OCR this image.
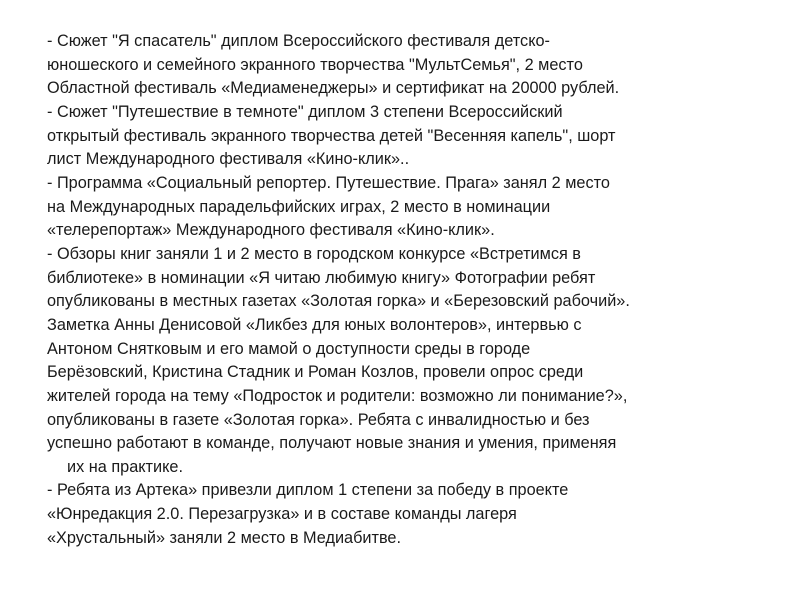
- Сюжет "Я спасатель" диплом Всероссийского фестиваля детско-
юношеского и семейного экранного творчества "МультСемья", 2 место
Областной фестиваль «Медиаменеджеры» и сертификат на 20000 рублей.
- Сюжет "Путешествие в темноте" диплом 3 степени Всероссийский
открытый фестиваль экранного творчества детей "Весенняя капель", шорт
лист Международного фестиваля «Кино-клик»..
- Программа «Социальный репортер. Путешествие. Прага» занял 2 место
на Международных парадельфийских играх, 2 место в номинации
«телерепортаж» Международного фестиваля «Кино-клик».
- Обзоры книг заняли 1 и 2 место в городском конкурсе «Встретимся в
библиотеке» в номинации «Я читаю любимую книгу» Фотографии ребят
опубликованы в местных газетах «Золотая горка» и «Березовский рабочий».
Заметка Анны Денисовой «Ликбез для юных волонтеров», интервью с
Антоном Снятковым и его мамой о доступности среды в городе
Берёзовский, Кристина Стадник и Роман Козлов, провели опрос среди
жителей города на тему «Подросток и родители: возможно ли понимание?»,
опубликованы в газете «Золотая горка». Ребята с инвалидностью и без
успешно работают в команде, получают новые знания и умения, применяя
их на практике.
- Ребята из Артека» привезли диплом 1 степени за победу в проекте
«Юнредакция 2.0. Перезагрузка» и в составе команды лагеря
«Хрустальный» заняли 2 место в Медиабитве.
